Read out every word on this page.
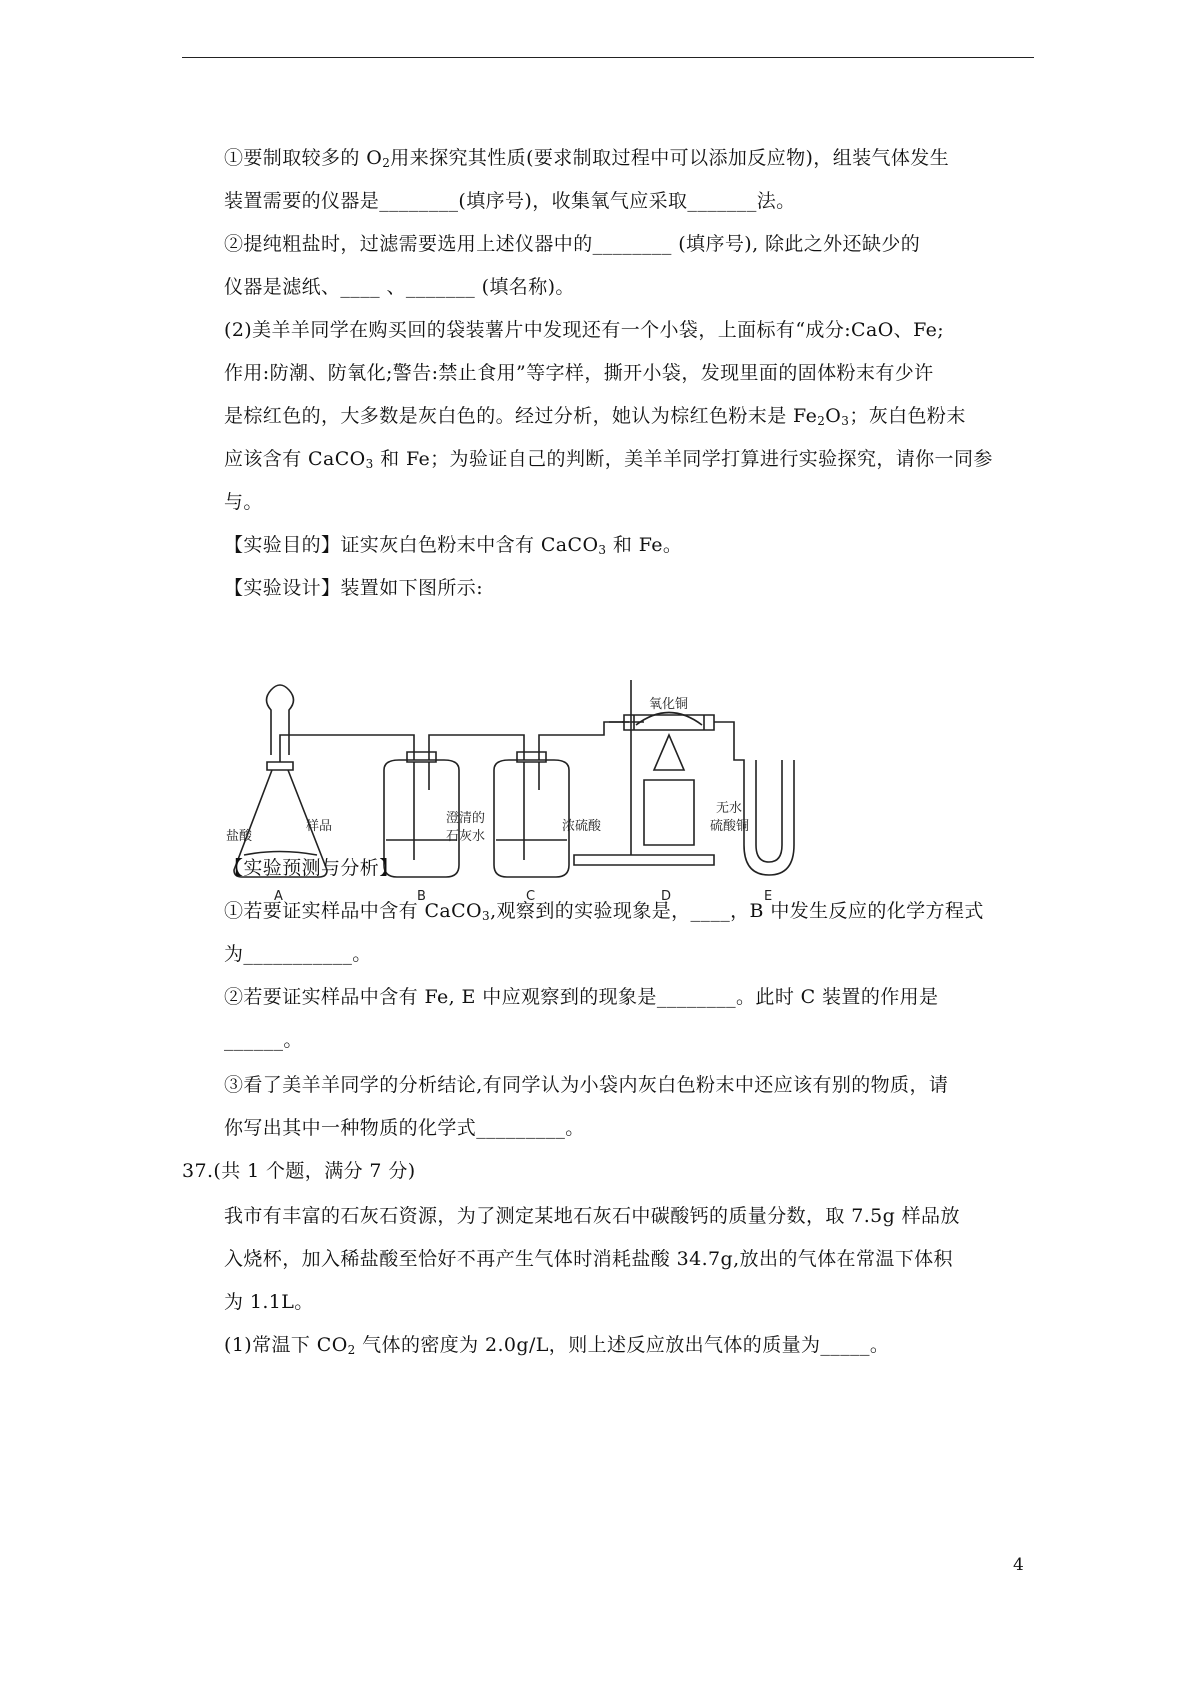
①要制取较多的 $O_2$用来探究其性质(要求制取过程中可以添加反应物)，组装气体发生
装置需要的仪器是________(填序号)，收集氧气应采取_______法。
②提纯粗盐时，过滤需要选用上述仪器中的________ (填序号), 除此之外还缺少的
仪器是滤纸、____ 、_______ (填名称)。
(2)美羊羊同学在购买回的袋装薯片中发现还有一个小袋，上面标有“成分:CaO、Fe;
作用:防潮、防氧化;警告:禁止食用”等字样，撕开小袋，发现里面的固体粉末有少许
是棕红色的，大多数是灰白色的。经过分析，她认为棕红色粉末是 $Fe_2O_3$；灰白色粉末
应该含有 CaCO$_3$ 和 Fe；为验证自己的判断，美羊羊同学打算进行实验探究，请你一同参
与。
【实验目的】证实灰白色粉末中含有 CaCO$_3$ 和 Fe。
【实验设计】装置如下图所示:
盐酸
样品
澄清的
石灰水
浓硫酸
氧化铜
无水
硫酸铜
A	B	C	D	E
【实验预测与分析】
①若要证实样品中含有 CaCO$_3$,观察到的实验现象是，____，B 中发生反应的化学方程式
为___________。
②若要证实样品中含有 Fe, E 中应观察到的现象是________。此时 C 装置的作用是
______。
③看了美羊羊同学的分析结论,有同学认为小袋内灰白色粉末中还应该有别的物质，请
你写出其中一种物质的化学式_________。
37.(共 1 个题，满分 7 分)
我市有丰富的石灰石资源，为了测定某地石灰石中碳酸钙的质量分数，取 7.5g 样品放
入烧杯，加入稀盐酸至恰好不再产生气体时消耗盐酸 34.7g,放出的气体在常温下体积
为 1.1L。
(1)常温下 $CO_2$ 气体的密度为 2.0g/L，则上述反应放出气体的质量为_____。
4
